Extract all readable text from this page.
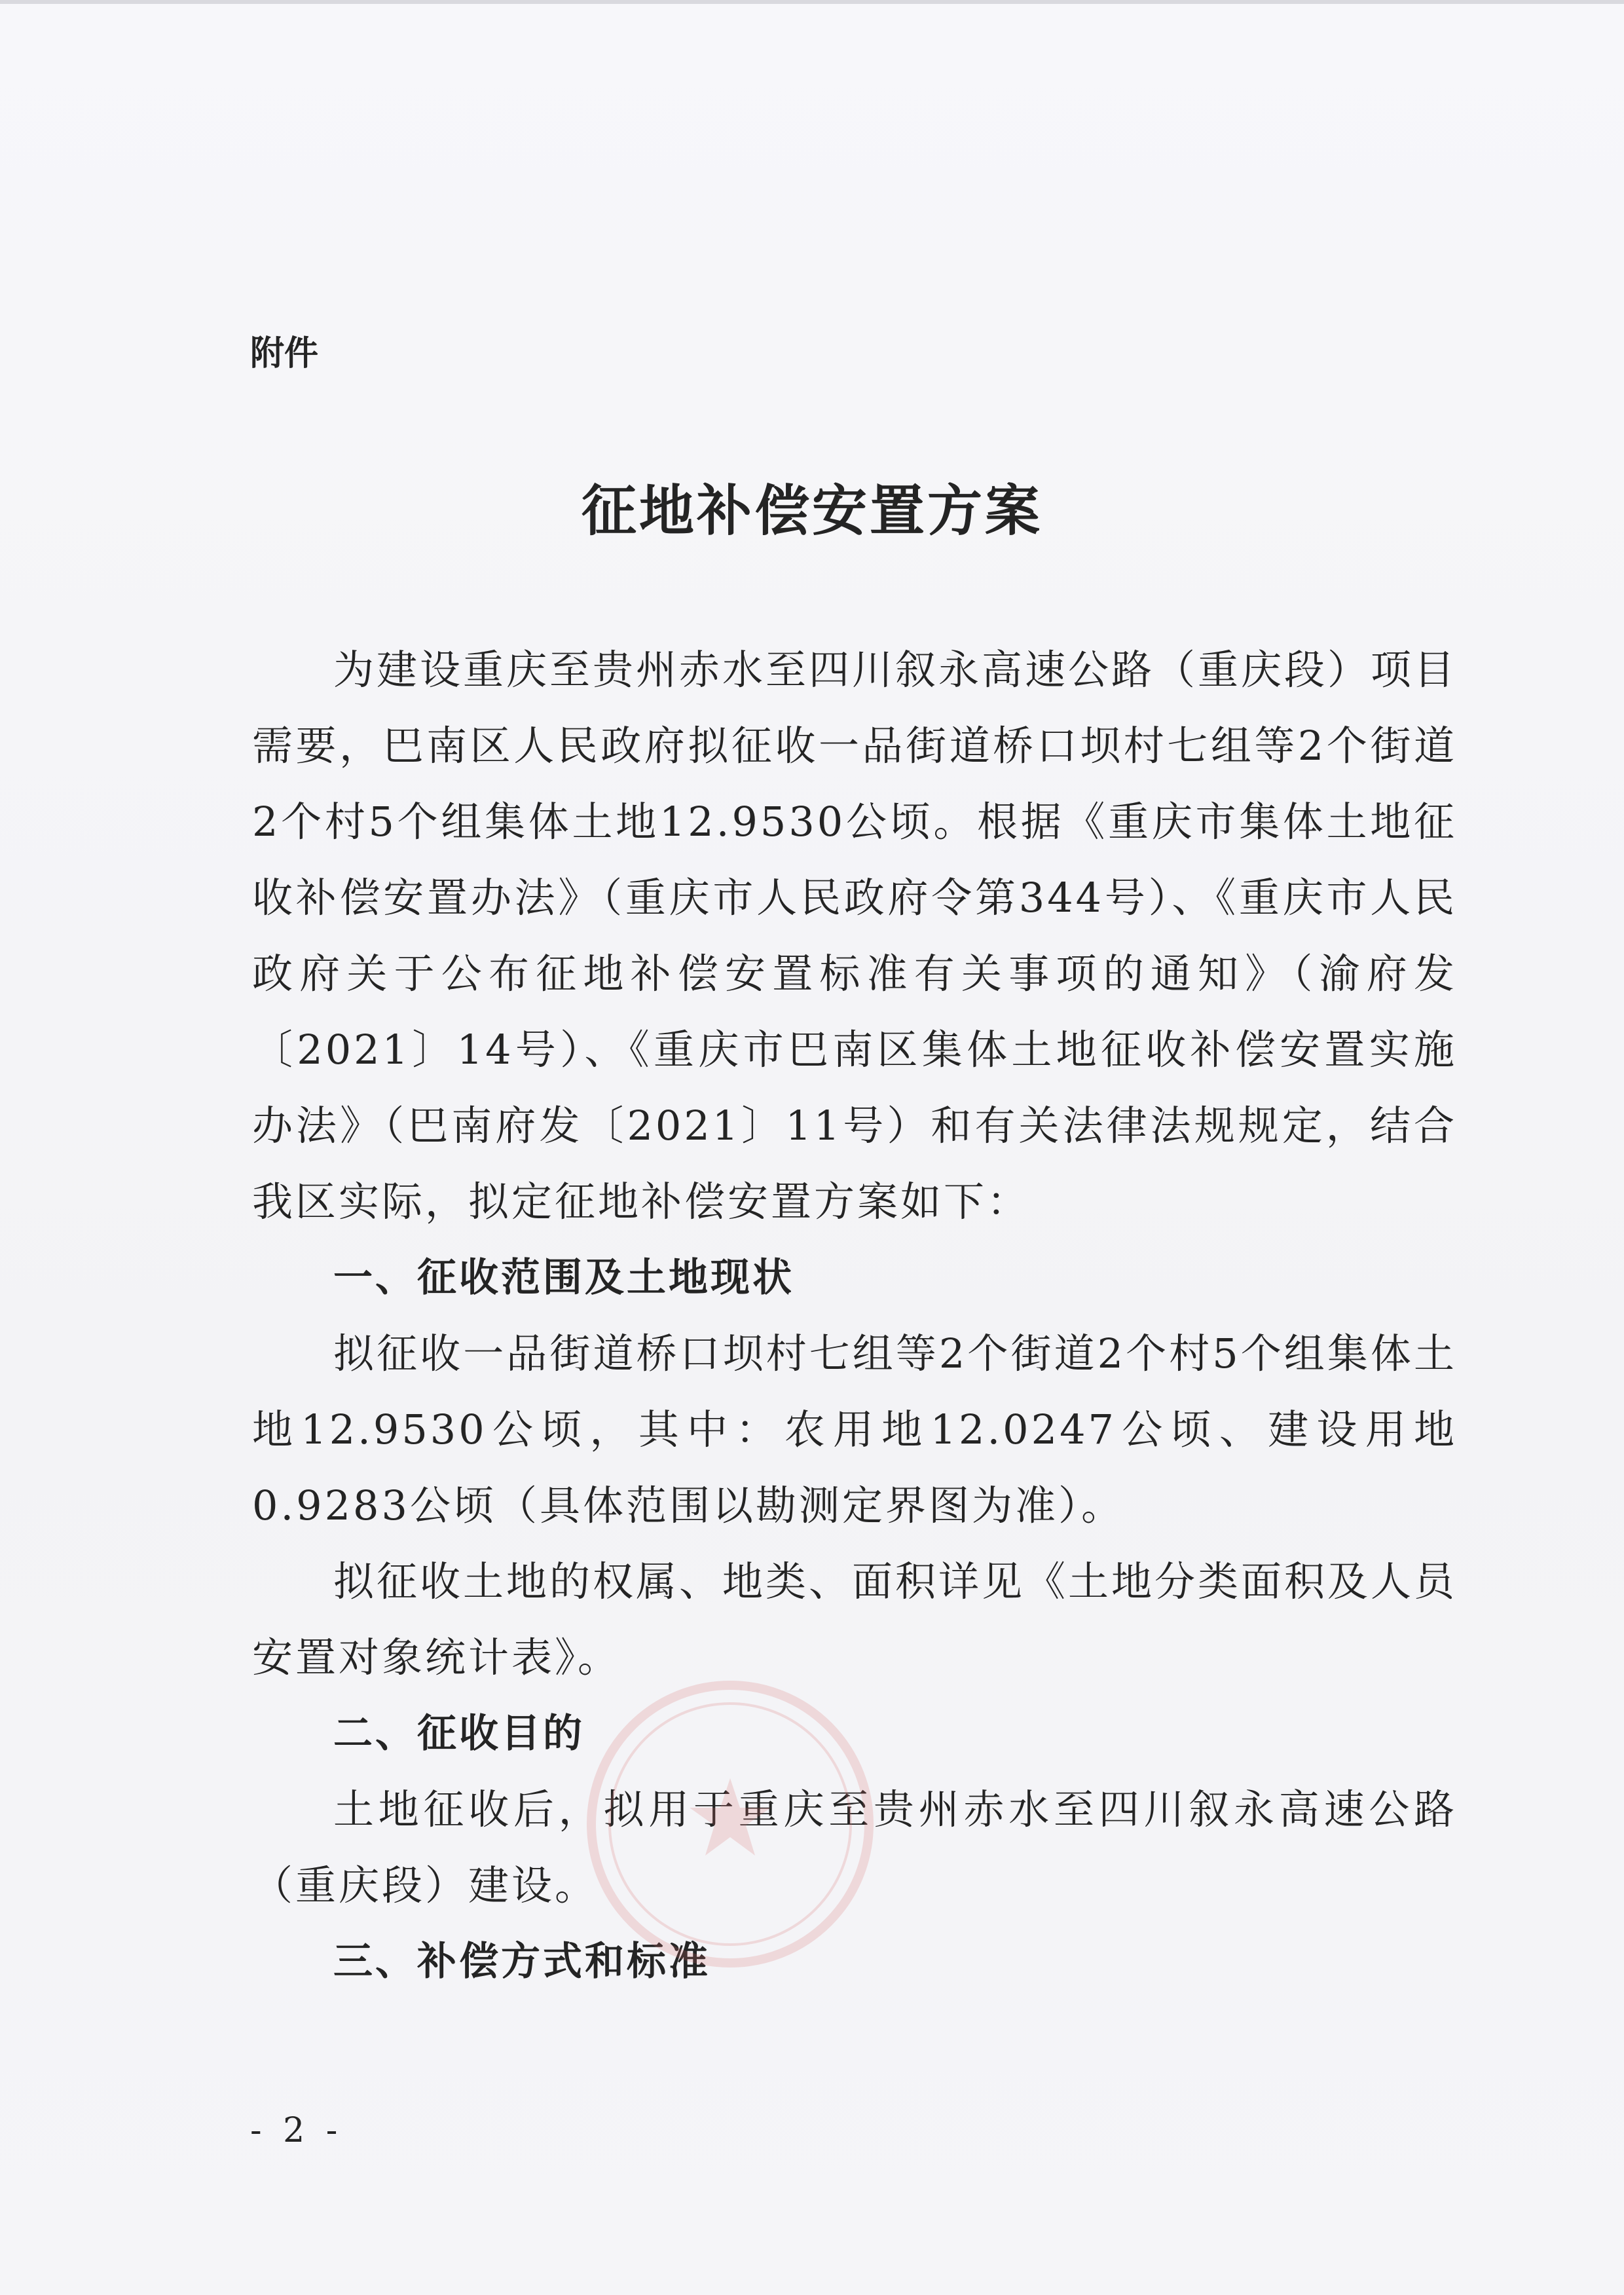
附件

征地补偿安置方案

为建设重庆至贵州赤水至四川叙永高速公路（重庆段）项目需要，巴南区人民政府拟征收一品街道桥口坝村七组等2个街道2个村5个组集体土地12.9530公顷。根据《重庆市集体土地征收补偿安置办法》（重庆市人民政府令第344号）、《重庆市人民政府关于公布征地补偿安置标准有关事项的通知》（渝府发〔2021〕14号）、《重庆市巴南区集体土地征收补偿安置实施办法》（巴南府发〔2021〕11号）和有关法律法规规定，结合我区实际，拟定征地补偿安置方案如下：

一、征收范围及土地现状

拟征收一品街道桥口坝村七组等2个街道2个村5个组集体土地12.9530公顷，其中：农用地12.0247公顷、建设用地0.9283公顷（具体范围以勘测定界图为准）。

拟征收土地的权属、地类、面积详见《土地分类面积及人员安置对象统计表》。

二、征收目的

土地征收后，拟用于重庆至贵州赤水至四川叙永高速公路（重庆段）建设。

三、补偿方式和标准

- 2 -
